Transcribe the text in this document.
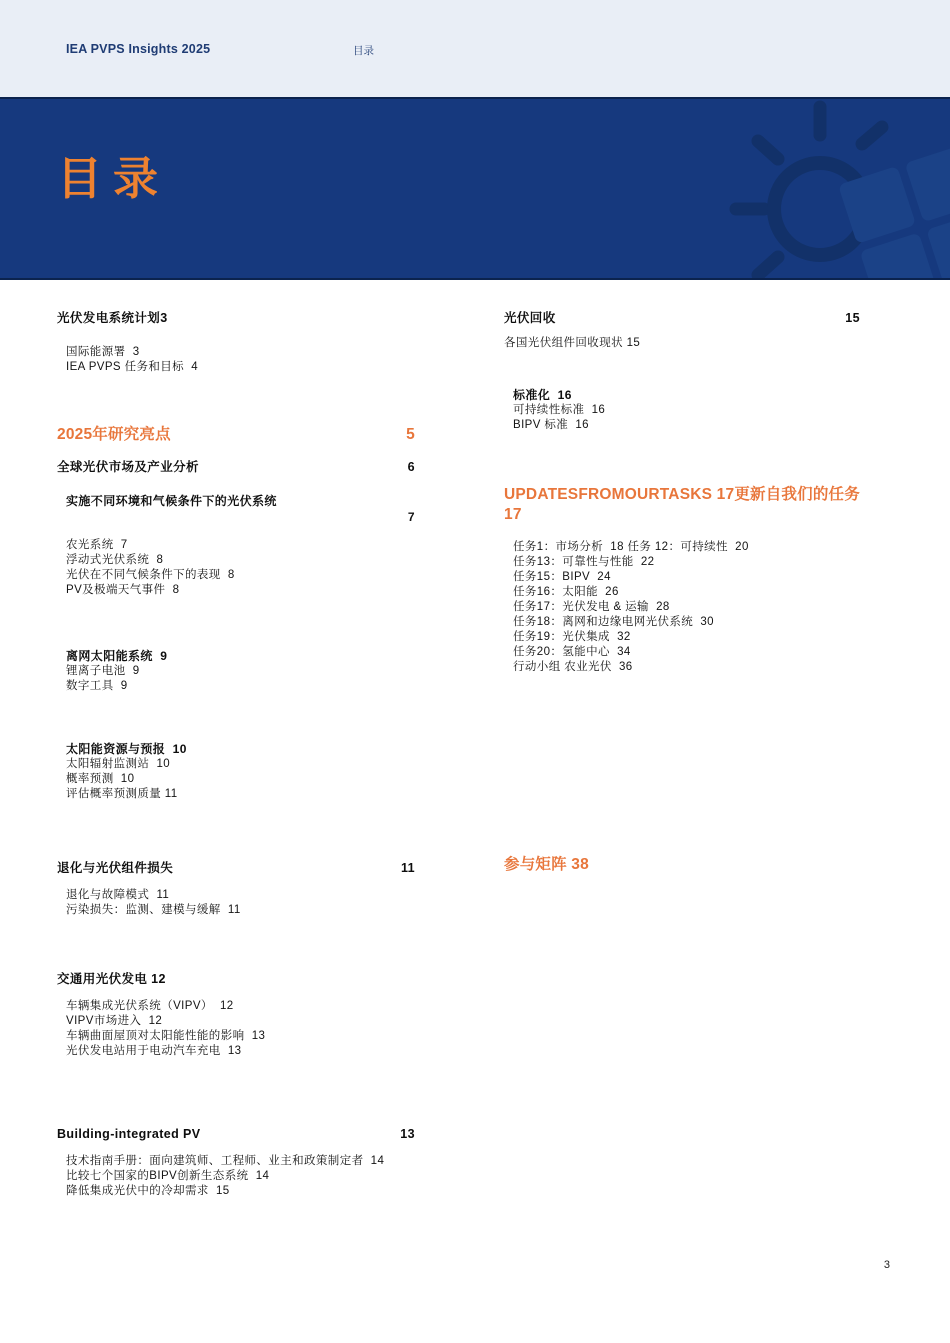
IEA PVPS Insights 2025	目录
目录
光伏发电系统计划3
国际能源署  3
IEA PVPS 任务和目标  4
2025年研究亮点	5
全球光伏市场及产业分析	6
实施不同环境和气候条件下的光伏系统
7
农光系统  7
浮动式光伏系统  8
光伏在不同气候条件下的表现  8
PV及极端天气事件  8
离网太阳能系统  9
锂离子电池  9
数字工具  9
太阳能资源与预报  10
太阳辐射监测站  10
概率预测  10
评估概率预测质量 11
退化与光伏组件损失	11
退化与故障模式  11
污染损失：监测、建模与缓解  11
交通用光伏发电 12
车辆集成光伏系统（VIPV）  12
VIPV市场进入  12
车辆曲面屋顶对太阳能性能的影响  13
光伏发电站用于电动汽车充电  13
Building-integrated PV	13
技术指南手册：面向建筑师、工程师、业主和政策制定者  14
比较七个国家的BIPV创新生态系统  14
降低集成光伏中的冷却需求  15
光伏回收	15
各国光伏组件回收现状 15
标准化  16
可持续性标准  16
BIPV 标准  16
UPDATESFROMOURTASKS 17更新自我们的任务 17
任务1：市场分析  18 任务 12：可持续性  20
任务13：可靠性与性能  22
任务15：BIPV  24
任务16：太阳能  26
任务17：光伏发电 & 运输  28
任务18：离网和边缘电网光伏系统  30
任务19：光伏集成  32
任务20：氢能中心  34
行动小组 农业光伏  36
参与矩阵 38
3
